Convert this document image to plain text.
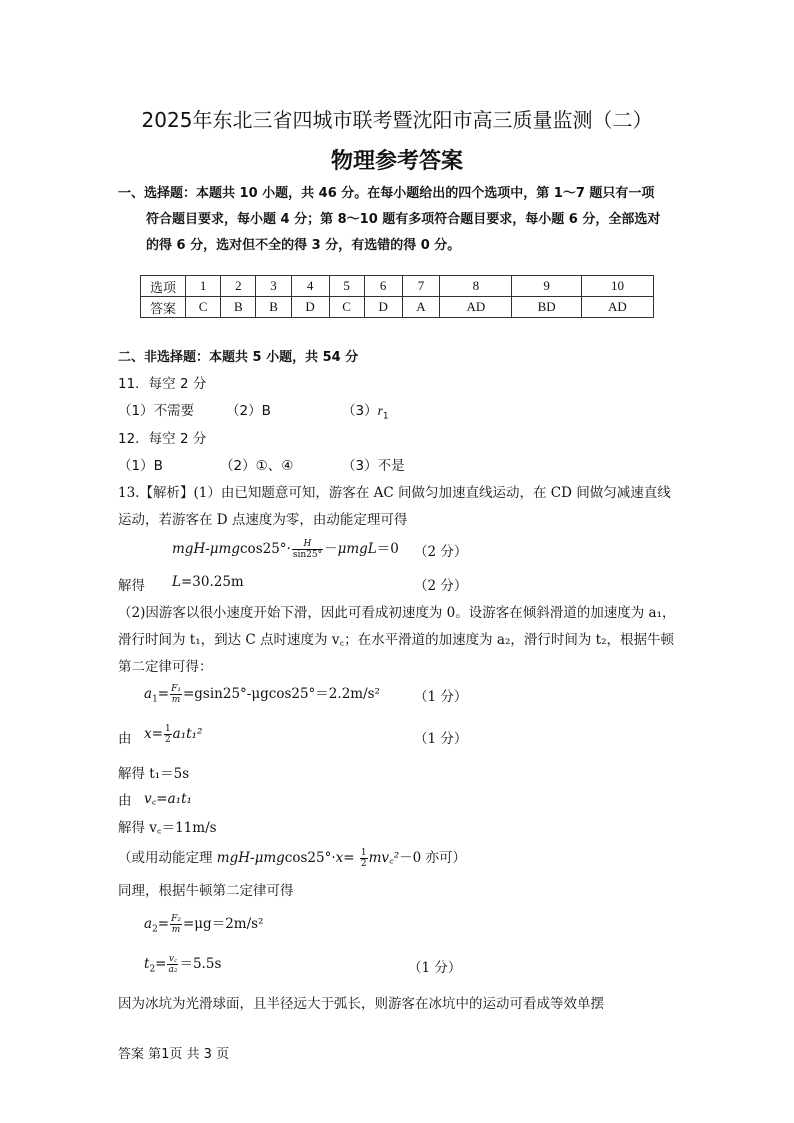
2025年东北三省四城市联考暨沈阳市高三质量监测（二）
物理参考答案
一、选择题：本题共 10 小题，共 46 分。在每小题给出的四个选项中，第 1～7 题只有一项
符合题目要求，每小题 4 分；第 8～10 题有多项符合题目要求，每小题 6 分，全部选对
的得 6 分，选对但不全的得 3 分，有选错的得 0 分。
选项	1	2	3	4	5	6	7	8	9	10
答案	C	B	B	D	C	D	A	AD	BD	AD
二、非选择题：本题共 5 小题，共 54 分
11．每空 2 分
（1）不需要 （2）B	$(3)r_1$
12．每空 2 分
（1）B	（2）①、④	（3）不是
13.【解析】(1）由已知题意可知，游客在 AC 间做匀加速直线运动，在 CD 间做匀减速直线
运动，若游客在 D 点速度为零，由动能定理可得
$mgH-\mu mgcos25^\circ\cdot \frac{H}{\sin 25^\circ} -\mu mgL=0$ （2 分）
解得 L=30.25m	（2 分）
（2)因游客以很小速度开始下滑，因此可看成初速度为 0。设游客在倾斜滑道的加速度为 a₁，
滑行时间为 t₁，到达 C 点时速度为 v꜀；在水平滑道的加速度为 a₂，滑行时间为 t₂，根据牛顿
第二定律可得：
$a_1= \frac{\text{F₁}}{m} =gsin25^\circ-\mu gcos25^\circ=2.2m/s^2$	（1 分）
由 $x= \frac{1}{2} a_1t_1^2$	（1 分）
解得 t₁＝5s
由 v꜀=a₁t₁
解得 v꜀＝11m/s
（或用动能定理 $mgH-\mu mgcos25^\circ\cdot x= \frac{1}{2}$ mv꜀²－0 亦可）
同理，根据牛顿第二定律可得
$a_2= \frac{\text{F₂}}{m} =\mu g=2m/s^2$
$t_2= \frac{v꜀}{\text{a₂}} =5.5s$	（1 分）
因为冰坑为光滑球面，且半径远大于弧长，则游客在冰坑中的运动可看成等效单摆
答案 第1页 共 3 页
